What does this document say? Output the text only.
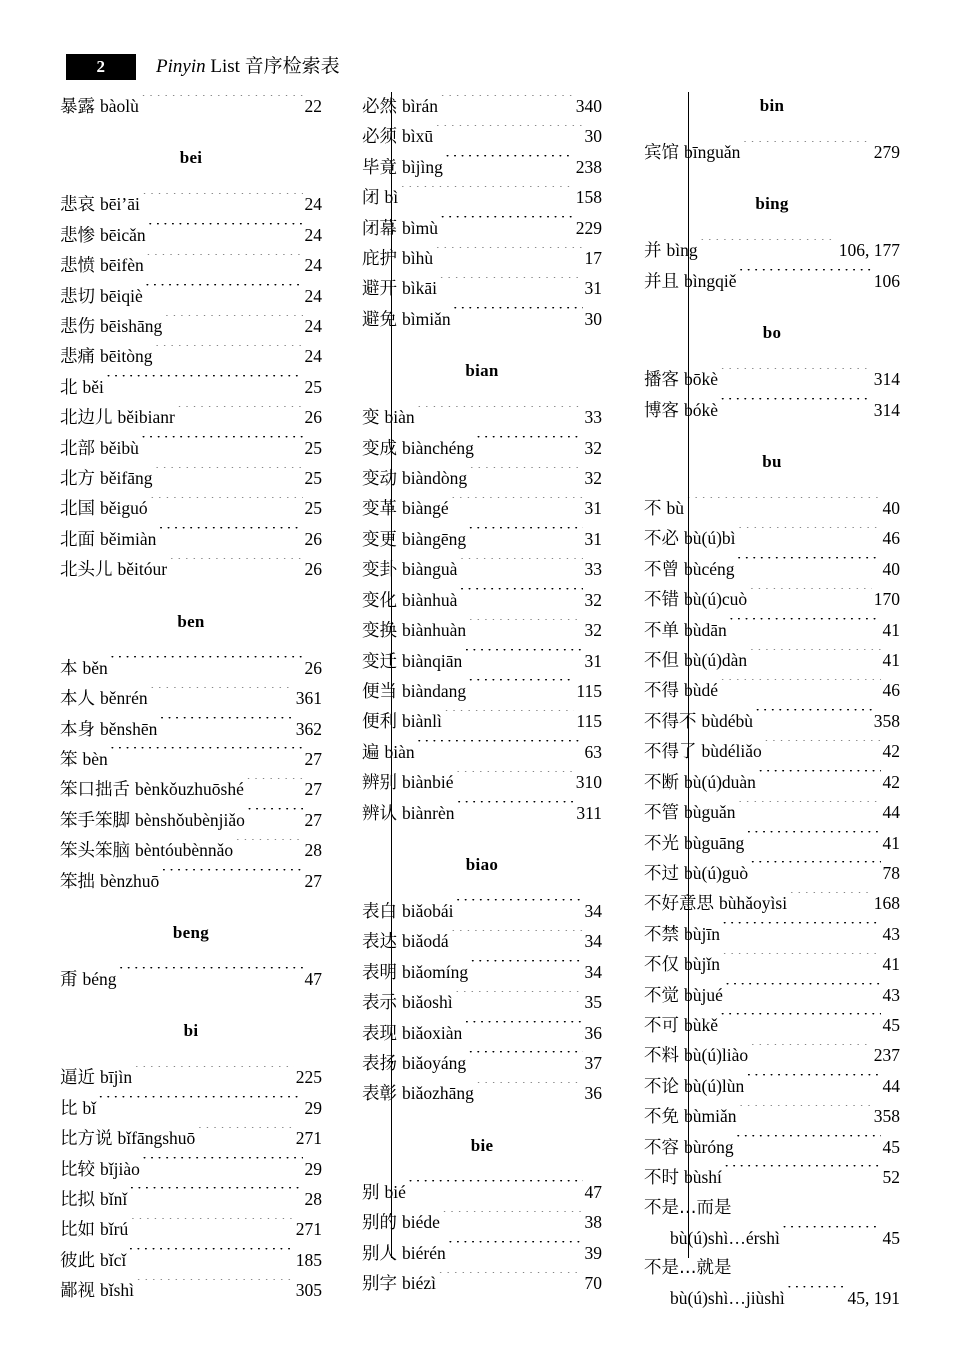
2	Pinyin List 音序检索表
暴露 bàolù ·····	22
bei
悲哀 bēi’āi ·····	24
悲惨 bēicǎn ·····	24
悲愤 bēifèn ·····	24
悲切 bēiqiè ·····	24
悲伤 bēishāng ·····	24
悲痛 bēitòng ·····	24
北 běi ·····	25
北边儿 běibianr ·····	26
北部 běibù ·····	25
北方 běifāng ·····	25
北国 běiguó ·····	25
北面 běimiàn ·····	26
北头儿 běitóur ·····	26
ben
本 běn ·····	26
本人 běnrén ·····	361
本身 běnshēn ·····	362
笨 bèn ·····	27
笨口拙舌 bènkǒuzhuōshé ·····	27
笨手笨脚 bènshǒubènjiǎo ·····	27
笨头笨脑 bèntóubènnǎo ·····	28
笨拙 bènzhuō ·····	27
beng
甭 béng ·····	47
bi
逼近 bījìn ·····	225
比 bǐ ·····	29
比方说 bǐfāngshuō ·····	271
比较 bǐjiào ·····	29
比拟 bǐnǐ ·····	28
比如 bǐrú ·····	271
彼此 bǐcǐ ·····	185
鄙视 bǐshì ·····	305
必然 bìrán ·····	340
必须 bìxū ·····	30
毕竟 bìjìng ·····	238
闭 bì ·····	158
闭幕 bìmù ·····	229
庇护 bìhù ·····	17
避开 bìkāi ·····	31
避免 bìmiǎn ·····	30
bian
变 biàn ·····	33
变成 biànchéng ·····	32
变动 biàndòng ·····	32
变革 biàngé ·····	31
变更 biàngēng ·····	31
变卦 biànguà ·····	33
变化 biànhuà ·····	32
变换 biànhuàn ·····	32
变迁 biànqiān ·····	31
便当 biàndang ·····	115
便利 biànlì ·····	115
遍 biàn ·····	63
辨别 biànbié ·····	310
辨认 biànrèn ·····	311
biao
表白 biǎobái ·····	34
表达 biǎodá ·····	34
表明 biǎomíng ·····	34
表示 biǎoshì ·····	35
表现 biǎoxiàn ·····	36
表扬 biǎoyáng ·····	37
表彰 biǎozhāng ·····	36
bie
别 bié ·····	47
别的 biéde ·····	38
别人 biérén ·····	39
别字 biézì ·····	70
bin
宾馆 bīnguǎn ·····	279
bing
并 bìng ·····	106, 177
并且 bìngqiě ·····	106
bo
播客 bōkè ·····	314
博客 bókè ·····	314
bu
不 bù ·····	40
不必 bù(ú)bì ·····	46
不曾 bùcéng ·····	40
不错 bù(ú)cuò ·····	170
不单 bùdān ·····	41
不但 bù(ú)dàn ·····	41
不得 bùdé ·····	46
不得不 bùdébù ·····	358
不得了 bùdéliǎo ·····	42
不断 bù(ú)duàn ·····	42
不管 bùguǎn ·····	44
不光 bùguāng ·····	41
不过 bù(ú)guò ·····	78
不好意思 bùhǎoyìsi ·····	168
不禁 bùjīn ·····	43
不仅 bùjǐn ·····	41
不觉 bùjué ·····	43
不可 bùkě ·····	45
不料 bù(ú)liào ·····	237
不论 bù(ú)lùn ·····	44
不免 bùmiǎn ·····	358
不容 bùróng ·····	45
不时 bùshí ·····	52
不是…而是
bù(ú)shì…érshì ·····	45
不是…就是
bù(ú)shì…jiùshì ·····	45, 191
